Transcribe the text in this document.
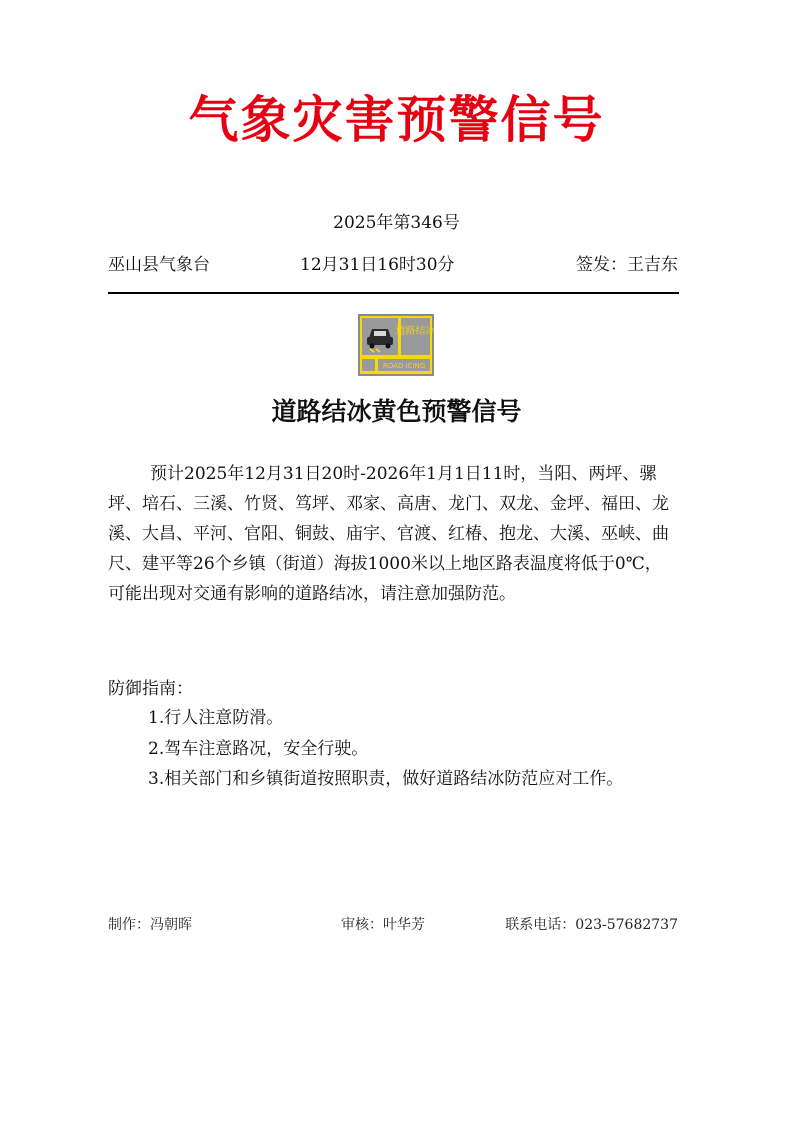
气象灾害预警信号
2025年第346号
巫山县气象台	12月31日16时30分	签发：王吉东
道路结冰
ROAD ICING
道路结冰黄色预警信号

预计2025年12月31日20时-2026年1月1日11时，当阳、两坪、骡坪、培石、三溪、竹贤、笃坪、邓家、高唐、龙门、双龙、金坪、福田、龙溪、大昌、平河、官阳、铜鼓、庙宇、官渡、红椿、抱龙、大溪、巫峡、曲尺、建平等26个乡镇（街道）海拔1000米以上地区路表温度将低于0℃，可能出现对交通有影响的道路结冰，请注意加强防范。

防御指南：

1.行人注意防滑。

2.驾车注意路况，安全行驶。

3.相关部门和乡镇街道按照职责，做好道路结冰防范应对工作。

制作：冯朝晖	审核：叶华芳	联系电话：023-57682737
